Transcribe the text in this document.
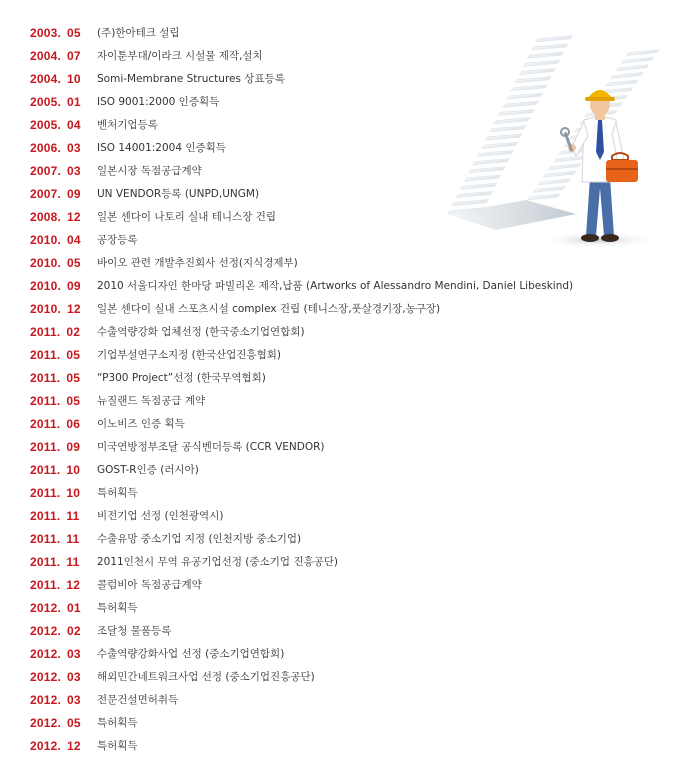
2003. 05	(주)한아테크 설립
2004. 07	자이툰부대/이라크 시설물 제작,설치
2004. 10	Somi-Membrane Structures 상표등록
2005. 01	ISO 9001:2000 인증획득
2005. 04	벤처기업등록
2006. 03	ISO 14001:2004 인증획득
2007. 03	일본시장 독점공급계약
2007. 09	UN VENDOR등록 (UNPD,UNGM)
2008. 12	일본 센다이 나토리 실내 테니스장 건립
2010. 04	공장등록
2010. 05	바이오 관련 개발추진회사 선정(지식경제부)
2010. 09	2010 서울디자인 한마당 파빌리온 제작,납품 (Artworks of Alessandro Mendini, Daniel Libeskind)
2010. 12	일본 센다이 실내 스포츠시설 complex 건립 (테니스장,풋살경기장,농구장)
2011. 02	수출역량강화 업체선정 (한국중소기업연합회)
2011. 05	기업부설연구소지정 (한국산업진흥협회)
2011. 05	“P300 Project”선정 (한국무역협회)
2011. 05	뉴질랜드 독점공급 계약
2011. 06	이노비즈 인증 획득
2011. 09	미국연방정부조달 공식벤더등록 (CCR VENDOR)
2011. 10	GOST-R인증 (러시아)
2011. 10	특허획득
2011. 11	비전기업 선정 (인천광역시)
2011. 11	수출유망 중소기업 지정 (인천지방 중소기업)
2011. 11	2011인천시 무역 유공기업선정 (중소기업 진흥공단)
2011. 12	콜럼비아 독점공급계약
2012. 01	특허획득
2012. 02	조달청 물품등록
2012. 03	수출역량강화사업 선정 (중소기업연합회)
2012. 03	해외민간네트워크사업 선정 (중소기업진흥공단)
2012. 03	전문건설면허취득
2012. 05	특허획득
2012. 12	특허획득
